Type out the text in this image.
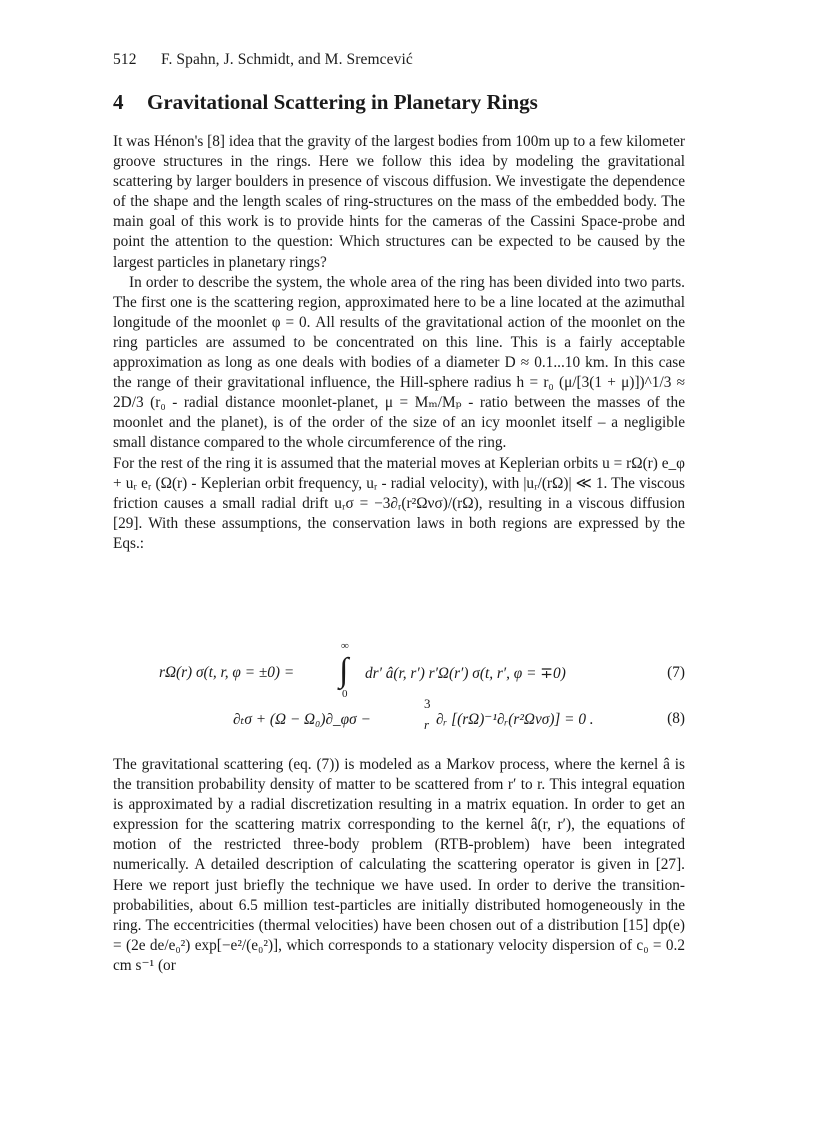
512 F. Spahn, J. Schmidt, and M. Sremcević
4 Gravitational Scattering in Planetary Rings

It was Hénon's [8] idea that the gravity of the largest bodies from 100m up to a few kilometer groove structures in the rings. Here we follow this idea by modeling the gravitational scattering by larger boulders in presence of viscous diffusion. We investigate the dependence of the shape and the length scales of ring-structures on the mass of the embedded body. The main goal of this work is to provide hints for the cameras of the Cassini Space-probe and point the attention to the question: Which structures can be expected to be caused by the largest particles in planetary rings?

In order to describe the system, the whole area of the ring has been divided into two parts. The first one is the scattering region, approximated here to be a line located at the azimuthal longitude of the moonlet φ = 0. All results of the gravitational action of the moonlet on the ring particles are assumed to be concentrated on this line. This is a fairly acceptable approximation as long as one deals with bodies of a diameter D ≈ 0.1...10 km. In this case the range of their gravitational influence, the Hill-sphere radius h = r₀ (μ/[3(1 + μ)])^1/3 ≈ 2D/3 (r₀ - radial distance moonlet-planet, μ = Mₘ/Mₚ - ratio between the masses of the moonlet and the planet), is of the order of the size of an icy moonlet itself – a negligible small distance compared to the whole circumference of the ring.

For the rest of the ring it is assumed that the material moves at Keplerian orbits u = rΩ(r) e_φ + uᵣ eᵣ (Ω(r) - Keplerian orbit frequency, uᵣ - radial velocity), with |uᵣ/(rΩ)| ≪ 1. The viscous friction causes a small radial drift uᵣσ = −3∂ᵣ(r²Ωνσ)/(rΩ), resulting in a viscous diffusion [29]. With these assumptions, the conservation laws in both regions are expressed by the Eqs.:

rΩ(r) σ(t, r, φ = ±0) =
∞
∫
0
dr′ â(r, r′) r′Ω(r′) σ(t, r′, φ = ∓0)	(7)
∂ₜσ + (Ω − Ω₀)∂_φσ −
3
r ∂ᵣ [(rΩ)⁻¹∂ᵣ(r²Ωνσ)] = 0 .	(8)

The gravitational scattering (eq. (7)) is modeled as a Markov process, where the kernel â is the transition probability density of matter to be scattered from r′ to r. This integral equation is approximated by a radial discretization resulting in a matrix equation. In order to get an expression for the scattering matrix corresponding to the kernel â(r, r′), the equations of motion of the restricted three-body problem (RTB-problem) have been integrated numerically. A detailed description of calculating the scattering operator is given in [27]. Here we report just briefly the technique we have used. In order to derive the transition-probabilities, about 6.5 million test-particles are initially distributed homogeneously in the ring. The eccentricities (thermal velocities) have been chosen out of a distribution [15] dp(e) = (2e de/e₀²) exp[−e²/(e₀²)], which corresponds to a stationary velocity dispersion of c₀ = 0.2 cm s⁻¹ (or
